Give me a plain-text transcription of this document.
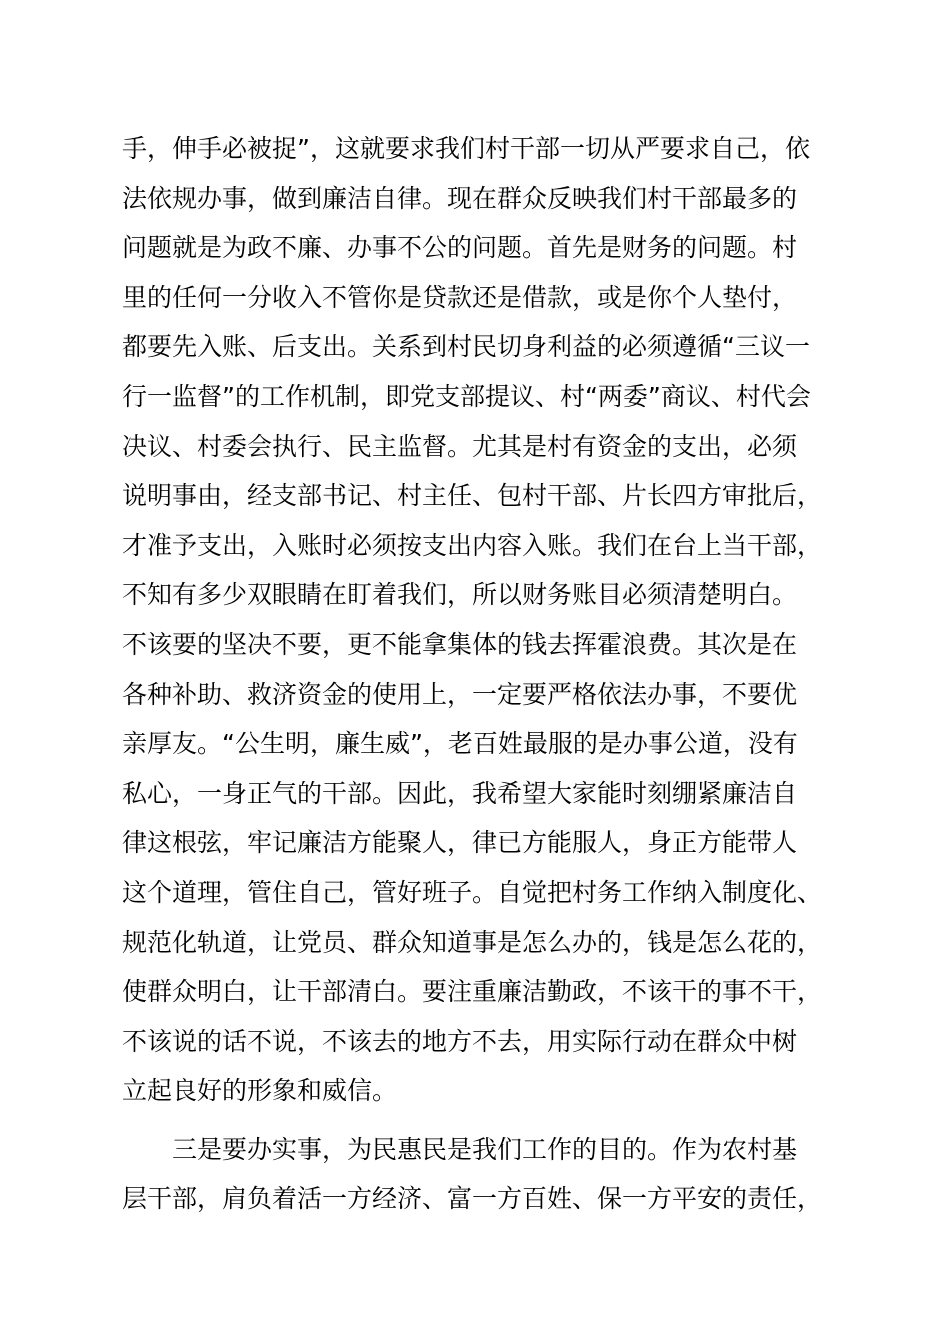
手，伸手必被捉”，这就要求我们村干部一切从严要求自己，依
法依规办事，做到廉洁自律。现在群众反映我们村干部最多的
问题就是为政不廉、办事不公的问题。首先是财务的问题。村
里的任何一分收入不管你是贷款还是借款，或是你个人垫付，
都要先入账、后支出。关系到村民切身利益的必须遵循“三议一
行一监督”的工作机制，即党支部提议、村“两委”商议、村代会
决议、村委会执行、民主监督。尤其是村有资金的支出，必须
说明事由，经支部书记、村主任、包村干部、片长四方审批后，
才准予支出，入账时必须按支出内容入账。我们在台上当干部，
不知有多少双眼睛在盯着我们，所以财务账目必须清楚明白。
不该要的坚决不要，更不能拿集体的钱去挥霍浪费。其次是在
各种补助、救济资金的使用上，一定要严格依法办事，不要优
亲厚友。“公生明，廉生威”，老百姓最服的是办事公道，没有
私心，一身正气的干部。因此，我希望大家能时刻绷紧廉洁自
律这根弦，牢记廉洁方能聚人，律已方能服人，身正方能带人
这个道理，管住自己，管好班子。自觉把村务工作纳入制度化、
规范化轨道，让党员、群众知道事是怎么办的，钱是怎么花的，
使群众明白，让干部清白。要注重廉洁勤政，不该干的事不干，
不该说的话不说，不该去的地方不去，用实际行动在群众中树
立起良好的形象和威信。
三是要办实事，为民惠民是我们工作的目的。作为农村基
层干部，肩负着活一方经济、富一方百姓、保一方平安的责任，
